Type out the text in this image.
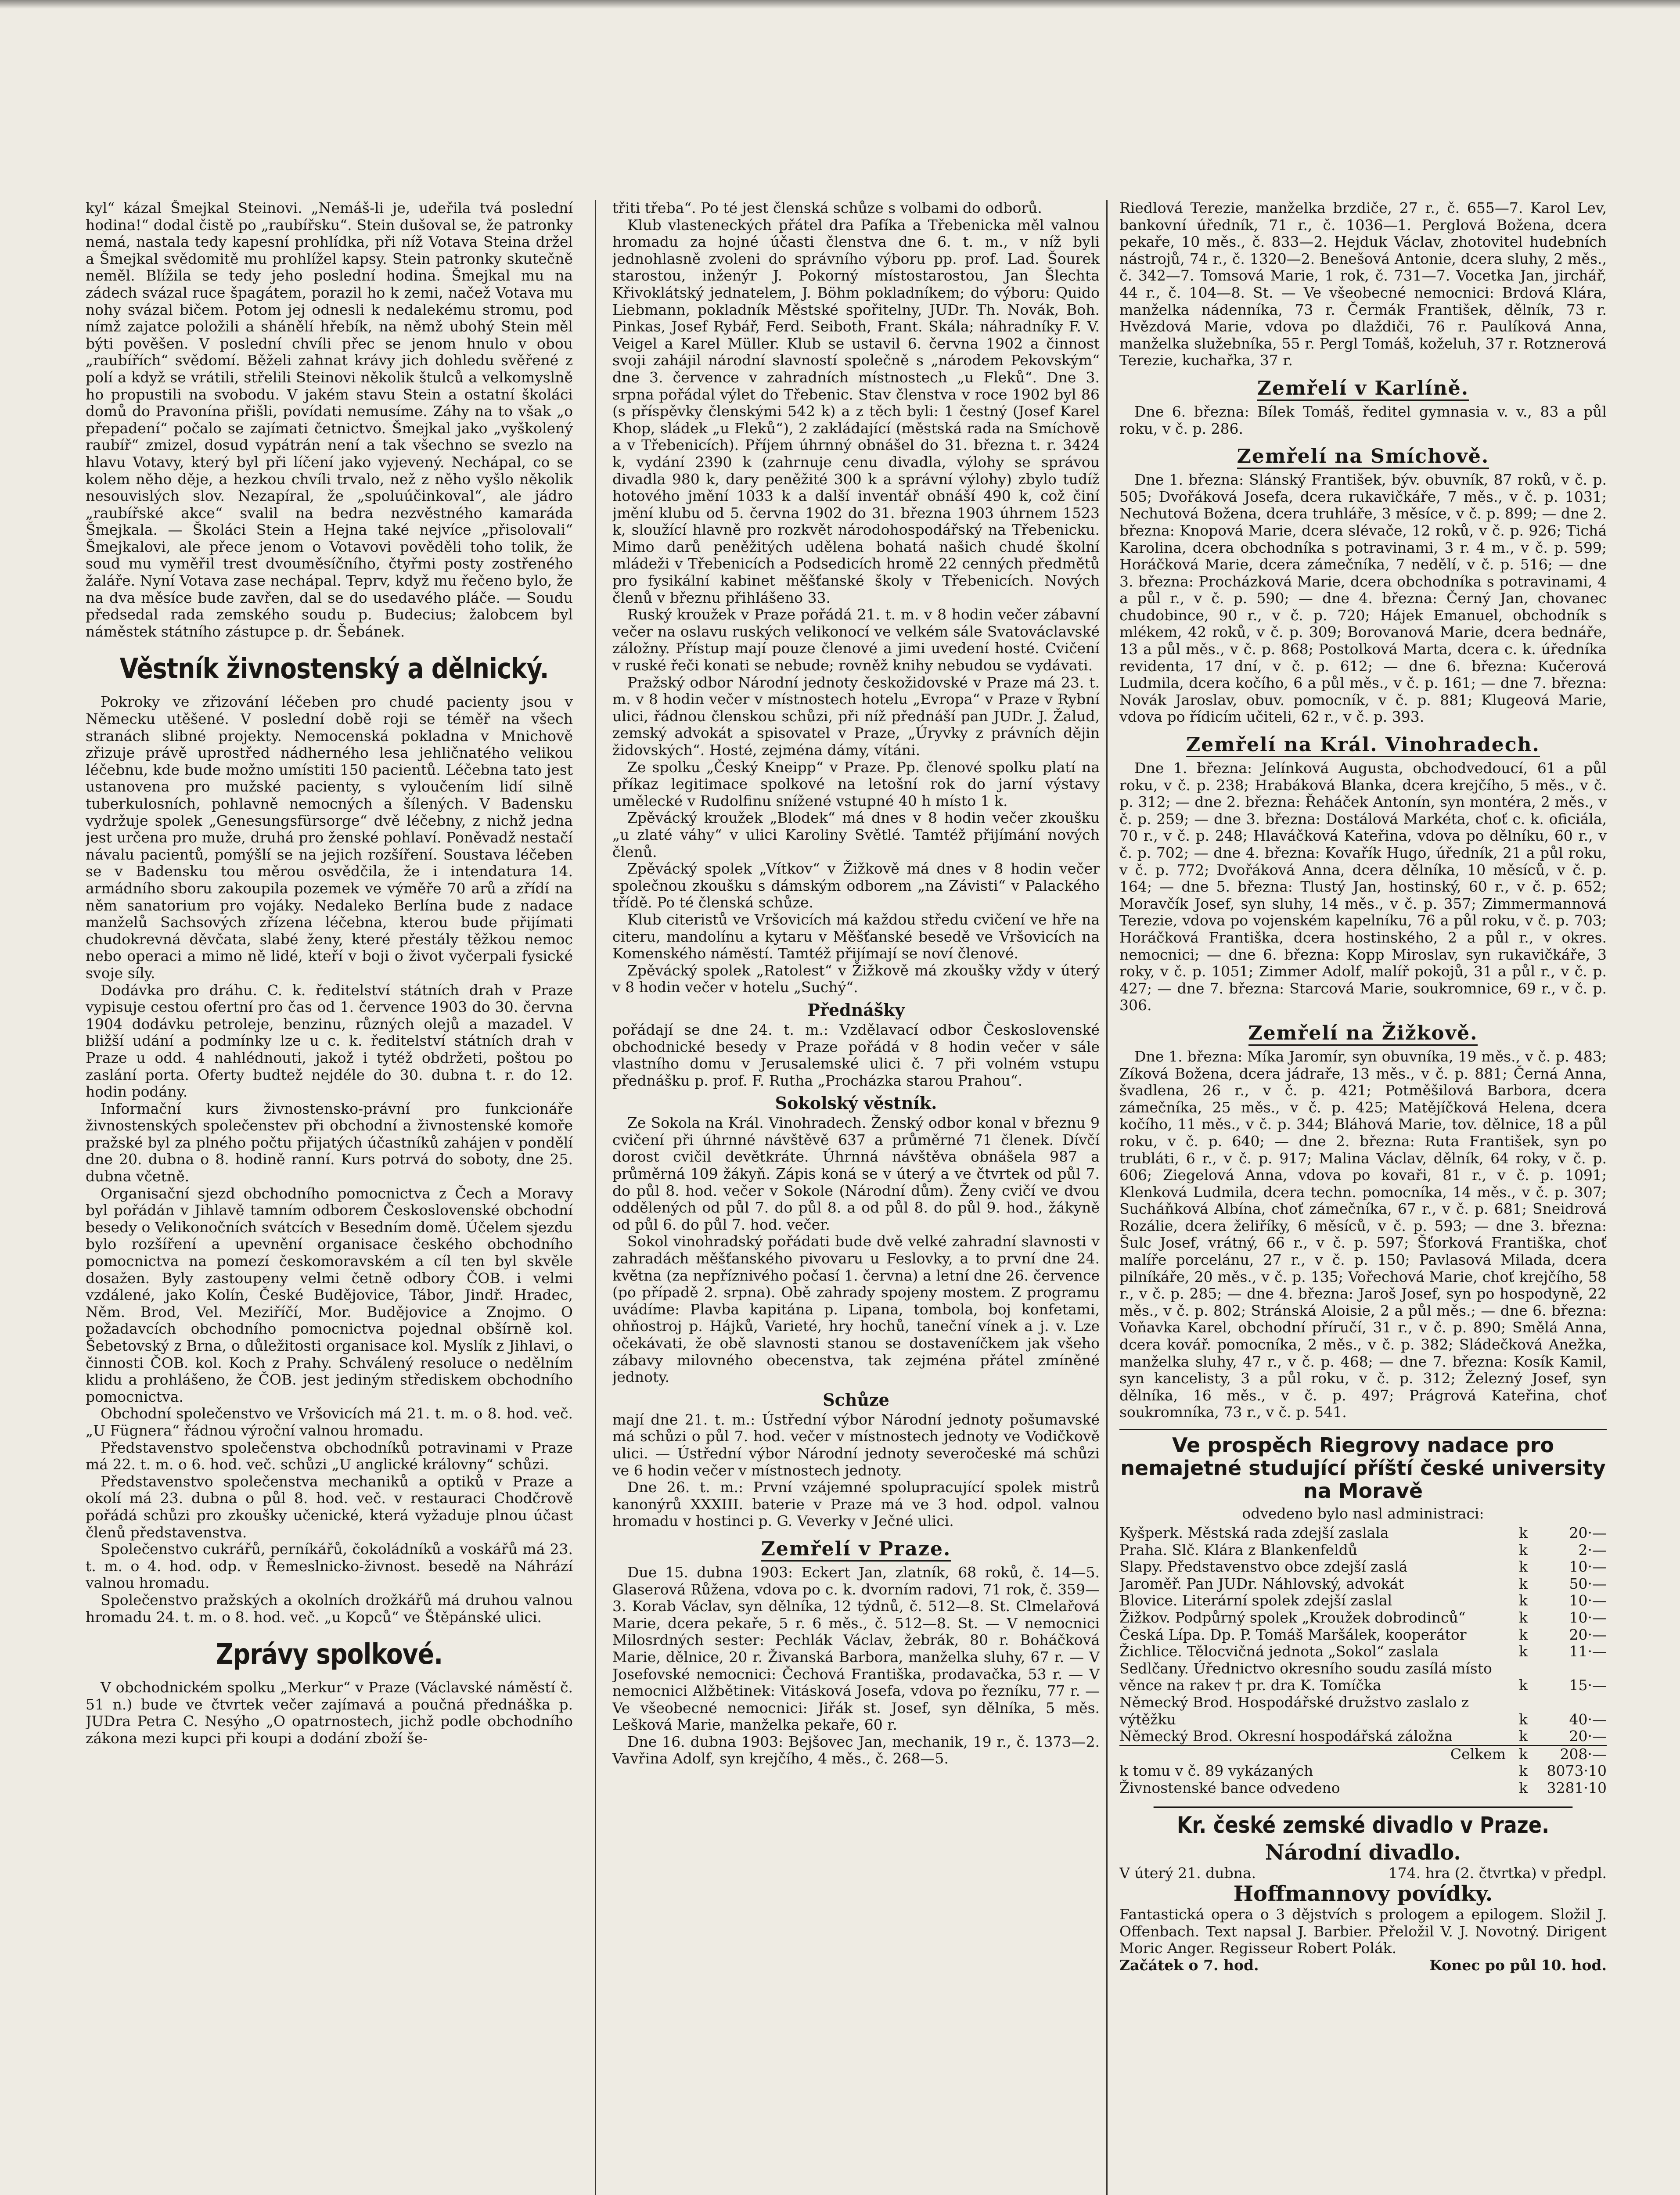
kyl“ kázal Šmejkal Steinovi. „Nemáš-li je, udeřila tvá poslední hodina!“ dodal čistě po „raubířsku“. Stein dušoval se, že patronky nemá, nastala tedy kapesní prohlídka, při níž Votava Steina držel a Šmejkal svědomitě mu prohlížel kapsy. Stein patronky skutečně neměl. Blížila se tedy jeho poslední hodina. Šmejkal mu na zádech svázal ruce špagátem, porazil ho k zemi, načež Votava mu nohy svázal bičem. Potom jej odnesli k nedalekému stromu, pod nímž zajatce položili a shánělí hřebík, na němž ubohý Stein měl býti pověšen. V poslední chvíli přec se jenom hnulo v obou „raubířích“ svědomí. Běželi zahnat krávy jich dohledu svěřené z polí a když se vrátili, střelili Steinovi několik štulců a velkomyslně ho propustili na svobodu. V jakém stavu Stein a ostatní školáci domů do Pravonína přišli, povídati nemusíme. Záhy na to však „o přepadení“ počalo se zajímati četnictvo. Šmejkal jako „vyškolený raubíř“ zmizel, dosud vypátrán není a tak všechno se svezlo na hlavu Votavy, který byl při líčení jako vyjevený. Nechápal, co se kolem něho děje, a hezkou chvíli trvalo, než z něho vyšlo několik nesouvislých slov. Nezapíral, že „spoluúčinkoval“, ale jádro „raubířské akce“ svalil na bedra nezvěstného kamaráda Šmejkala. — Školáci Stein a Hejna také nejvíce „přisolovali“ Šmejkalovi, ale přece jenom o Votavovi pověděli toho tolik, že soud mu vyměřil trest dvouměsíčního, čtyřmi posty zostřeného žaláře. Nyní Votava zase nechápal. Teprv, když mu řečeno bylo, že na dva měsíce bude zavřen, dal se do usedavého pláče. — Soudu předsedal rada zemského soudu p. Budecius; žalobcem byl náměstek státního zástupce p. dr. Šebánek.

Věstník živnostenský a dělnický.

Pokroky ve zřizování léčeben pro chudé pacienty jsou v Německu utěšené. V poslední době roji se téměř na všech stranách slibné projekty. Nemocenská pokladna v Mnichově zřizuje právě uprostřed nádherného lesa jehličnatého velikou léčebnu, kde bude možno umístiti 150 pacientů. Léčebna tato jest ustanovena pro mužské pacienty, s vyloučením lidí silně tuberkulosních, pohlavně nemocných a šílených. V Badensku vydržuje spolek „Genesungsfürsorge“ dvě léčebny, z nichž jedna jest určena pro muže, druhá pro ženské pohlaví. Poněvadž nestačí návalu pacientů, pomýšlí se na jejich rozšíření. Soustava léčeben se v Badensku tou měrou osvědčila, že i intendatura 14. armádního sboru zakoupila pozemek ve výměře 70 arů a zřídí na něm sanatorium pro vojáky. Nedaleko Berlína bude z nadace manželů Sachsových zřízena léčebna, kterou bude přijímati chudokrevná děvčata, slabé ženy, které přestály těžkou nemoc nebo operaci a mimo ně lidé, kteří v boji o život vyčerpali fysické svoje síly.

Dodávka pro dráhu. C. k. ředitelství státních drah v Praze vypisuje cestou ofertní pro čas od 1. července 1903 do 30. června 1904 dodávku petroleje, benzinu, různých olejů a mazadel. V bližší udání a podmínky lze u c. k. ředitelství státních drah v Praze u odd. 4 nahlédnouti, jakož i tytéž obdržeti, poštou po zaslání porta. Oferty budtež nejdéle do 30. dubna t. r. do 12. hodin podány.

Informační kurs živnostensko-právní pro funkcionáře živnostenských společenstev při obchodní a živnostenské komoře pražské byl za plného počtu přijatých účastníků zahájen v pondělí dne 20. dubna o 8. hodině ranní. Kurs potrvá do soboty, dne 25. dubna včetně.

Organisační sjezd obchodního pomocnictva z Čech a Moravy byl pořádán v Jihlavě tamním odborem Československé obchodní besedy o Velikonočních svátcích v Besedním domě. Účelem sjezdu bylo rozšíření a upevnění organisace českého obchodního pomocnictva na pomezí českomoravském a cíl ten byl skvěle dosažen. Byly zastoupeny velmi četně odbory ČOB. i velmi vzdálené, jako Kolín, České Budějovice, Tábor, Jindř. Hradec, Něm. Brod, Vel. Meziříčí, Mor. Budějovice a Znojmo. O požadavcích obchodního pomocnictva pojednal obšírně kol. Šebetovský z Brna, o důležitosti organisace kol. Myslík z Jihlavi, o činnosti ČOB. kol. Koch z Prahy. Schválený resoluce o nedělním klidu a prohlášeno, že ČOB. jest jediným střediskem obchodního pomocnictva.

Obchodní společenstvo ve Vršovicích má 21. t. m. o 8. hod. več. „U Fügnera“ řádnou výroční valnou hromadu.

Představenstvo společenstva obchodníků potravinami v Praze má 22. t. m. o 6. hod. več. schůzi „U anglické královny“ schůzi.

Představenstvo společenstva mechaniků a optiků v Praze a okolí má 23. dubna o půl 8. hod. več. v restauraci Chodčrově pořádá schůzi pro zkoušky učenické, která vyžaduje plnou účast členů představenstva.

Společenstvo cukrářů, perníkářů, čokoládníků a voskářů má 23. t. m. o 4. hod. odp. v Řemeslnicko-živnost. besedě na Náhrází valnou hromadu.

Společenstvo pražských a okolních drožkářů má druhou valnou hromadu 24. t. m. o 8. hod. več. „u Kopců“ ve Štěpánské ulici.

Zprávy spolkové.

V obchodnickém spolku „Merkur“ v Praze (Václavské náměstí č. 51 n.) bude ve čtvrtek večer zajímavá a poučná přednáška p. JUDra Petra C. Nesýho „O opatrnostech, jichž podle obchodního zákona mezi kupci při koupi a dodání zboží še-

třiti třeba“. Po té jest členská schůze s volbami do odborů.

Klub vlasteneckých přátel dra Pafíka a Třebenicka měl valnou hromadu za hojné účasti členstva dne 6. t. m., v níž byli jednohlasně zvoleni do správního výboru pp. prof. Lad. Šourek starostou, inženýr J. Pokorný místostarostou, Jan Šlechta Křivoklátský jednatelem, J. Böhm pokladníkem; do výboru: Quido Liebmann, pokladník Městské spořitelny, JUDr. Th. Novák, Boh. Pinkas, Josef Rybář, Ferd. Seiboth, Frant. Skála; náhradníky F. V. Veigel a Karel Müller. Klub se ustavil 6. června 1902 a činnost svoji zahájil národní slavností společně s „národem Pekovským“ dne 3. července v zahradních místnostech „u Fleků“. Dne 3. srpna pořádal výlet do Třebenic. Stav členstva v roce 1902 byl 86 (s příspěvky členskými 542 k) a z těch byli: 1 čestný (Josef Karel Khop, sládek „u Fleků“), 2 zakládající (městská rada na Smíchově a v Třebenicích). Příjem úhrnný obnášel do 31. března t. r. 3424 k, vydání 2390 k (zahrnuje cenu divadla, výlohy se správou divadla 980 k, dary peněžité 300 k a správní výlohy) zbylo tudíž hotového jmění 1033 k a další inventář obnáší 490 k, což činí jmění klubu od 5. června 1902 do 31. března 1903 úhrnem 1523 k, sloužící hlavně pro rozkvět národohospodářský na Třebenicku. Mimo darů peněžitých udělena bohatá našich chudé školní mládeži v Třebenicích a Podsedicích hromě 22 cenných předmětů pro fysikální kabinet měšťanské školy v Třebenicích. Nových členů v březnu přihlášeno 33.

Ruský kroužek v Praze pořádá 21. t. m. v 8 hodin večer zábavní večer na oslavu ruských velikonocí ve velkém sále Svatováclavské záložny. Přístup mají pouze členové a jimi uvedení hosté. Cvičení v ruské řeči konati se nebude; rovněž knihy nebudou se vydávati.

Pražský odbor Národní jednoty českožidovské v Praze má 23. t. m. v 8 hodin večer v místnostech hotelu „Evropa“ v Praze v Rybní ulici, řádnou členskou schůzi, při níž přednáší pan JUDr. J. Žalud, zemský advokát a spisovatel v Praze, „Úryvky z právních dějin židovských“. Hosté, zejména dámy, vítáni.

Ze spolku „Český Kneipp“ v Praze. Pp. členové spolku platí na příkaz legitimace spolkové na letošní rok do jarní výstavy umělecké v Rudolfinu snížené vstupné 40 h místo 1 k.

Zpěvácký kroužek „Blodek“ má dnes v 8 hodin večer zkoušku „u zlaté váhy“ v ulici Karoliny Světlé. Tamtéž přijímání nových členů.

Zpěvácký spolek „Vítkov“ v Žižkově má dnes v 8 hodin večer společnou zkoušku s dámským odborem „na Závisti“ v Palackého třídě. Po té členská schůze.

Klub citeristů ve Vršovicích má každou středu cvičení ve hře na citeru, mandolínu a kytaru v Měšťanské besedě ve Vršovicích na Komenského náměstí. Tamtéž přijímají se noví členové.

Zpěvácký spolek „Ratolest“ v Žižkově má zkoušky vždy v úterý v 8 hodin večer v hotelu „Suchý“.

Přednášky

pořádají se dne 24. t. m.: Vzdělavací odbor Československé obchodnické besedy v Praze pořádá v 8 hodin večer v sále vlastního domu v Jerusalemské ulici č. 7 při volném vstupu přednášku p. prof. F. Rutha „Procházka starou Prahou“.

Sokolský věstník.

Ze Sokola na Král. Vinohradech. Ženský odbor konal v březnu 9 cvičení při úhrnné návštěvě 637 a průměrné 71 členek. Dívčí dorost cvičil devětkráte. Úhrnná návštěva obnášela 987 a průměrná 109 žákyň. Zápis koná se v úterý a ve čtvrtek od půl 7. do půl 8. hod. večer v Sokole (Národní dům). Ženy cvičí ve dvou oddělených od půl 7. do půl 8. a od půl 8. do půl 9. hod., žákyně od půl 6. do půl 7. hod. večer.

Sokol vinohradský pořádati bude dvě velké zahradní slavnosti v zahradách měšťanského pivovaru u Feslovky, a to první dne 24. května (za nepříznivého počasí 1. června) a letní dne 26. července (po případě 2. srpna). Obě zahrady spojeny mostem. Z programu uvádíme: Plavba kapitána p. Lipana, tombola, boj konfetami, ohňostroj p. Hájků, Varieté, hry hochů, taneční vínek a j. v. Lze očekávati, že obě slavnosti stanou se dostaveníčkem jak všeho zábavy milovného obecenstva, tak zejména přátel zmíněné jednoty.

Schůze

mají dne 21. t. m.: Ústřední výbor Národní jednoty pošumavské má schůzi o půl 7. hod. večer v místnostech jednoty ve Vodičkově ulici. — Ústřední výbor Národní jednoty severočeské má schůzi ve 6 hodin večer v místnostech jednoty.

Dne 26. t. m.: První vzájemné spolupracující spolek mistrů kanonýrů XXXIII. baterie v Praze má ve 3 hod. odpol. valnou hromadu v hostinci p. G. Veverky v Ječné ulici.

Zemřelí v Praze.

Due 15. dubna 1903: Eckert Jan, zlatník, 68 roků, č. 14—5. Glaserová Růžena, vdova po c. k. dvorním radovi, 71 rok, č. 359—3. Korab Václav, syn dělníka, 12 týdnů, č. 512—8. St. Clmelařová Marie, dcera pekaře, 5 r. 6 měs., č. 512—8. St. — V nemocnici Milosrdných sester: Pechlák Václav, žebrák, 80 r. Boháčková Marie, dělnice, 20 r. Živanská Barbora, manželka sluhy, 67 r. — V Josefovské nemocnici: Čechová Františka, prodavačka, 53 r. — V nemocnici Alžbětinek: Vitásková Josefa, vdova po řezníku, 77 r. — Ve všeobecné nemocnici: Jiřák st. Josef, syn dělníka, 5 měs. Lešková Marie, manželka pekaře, 60 r.

Dne 16. dubna 1903: Bejšovec Jan, mechanik, 19 r., č. 1373—2. Vavřina Adolf, syn krejčího, 4 měs., č. 268—5.

Riedlová Terezie, manželka brzdiče, 27 r., č. 655—7. Karol Lev, bankovní úředník, 71 r., č. 1036—1. Perglová Božena, dcera pekaře, 10 měs., č. 833—2. Hejduk Václav, zhotovitel hudebních nástrojů, 74 r., č. 1320—2. Benešová Antonie, dcera sluhy, 2 měs., č. 342—7. Tomsová Marie, 1 rok, č. 731—7. Vocetka Jan, jirchář, 44 r., č. 104—8. St. — Ve všeobecné nemocnici: Brdová Klára, manželka nádenníka, 73 r. Čermák František, dělník, 73 r. Hvězdová Marie, vdova po dlaždiči, 76 r. Paulíková Anna, manželka služebníka, 55 r. Pergl Tomáš, koželuh, 37 r. Rotznerová Terezie, kuchařka, 37 r.

Zemřelí v Karlíně.

Dne 6. března: Bílek Tomáš, ředitel gymnasia v. v., 83 a půl roku, v č. p. 286.

Zemřelí na Smíchově.

Dne 1. března: Slánský František, býv. obuvník, 87 roků, v č. p. 505; Dvořáková Josefa, dcera rukavičkáře, 7 měs., v č. p. 1031; Nechutová Božena, dcera truhláře, 3 měsíce, v č. p. 899; — dne 2. března: Knopová Marie, dcera slévače, 12 roků, v č. p. 926; Tichá Karolina, dcera obchodníka s potravinami, 3 r. 4 m., v č. p. 599; Horáčková Marie, dcera zámečníka, 7 nedělí, v č. p. 516; — dne 3. března: Procházková Marie, dcera obchodníka s potravinami, 4 a půl r., v č. p. 590; — dne 4. března: Černý Jan, chovanec chudobince, 90 r., v č. p. 720; Hájek Emanuel, obchodník s mlékem, 42 roků, v č. p. 309; Borovanová Marie, dcera bednáře, 13 a půl měs., v č. p. 868; Postolková Marta, dcera c. k. úředníka revidenta, 17 dní, v č. p. 612; — dne 6. března: Kučerová Ludmila, dcera kočího, 6 a půl měs., v č. p. 161; — dne 7. března: Novák Jaroslav, obuv. pomocník, v č. p. 881; Klugeová Marie, vdova po řídicím učiteli, 62 r., v č. p. 393.

Zemřelí na Král. Vinohradech.

Dne 1. března: Jelínková Augusta, obchodvedoucí, 61 a půl roku, v č. p. 238; Hrabáková Blanka, dcera krejčího, 5 měs., v č. p. 312; — dne 2. března: Řeháček Antonín, syn montéra, 2 měs., v č. p. 259; — dne 3. března: Dostálová Markéta, choť c. k. oficiála, 70 r., v č. p. 248; Hlaváčková Kateřina, vdova po dělníku, 60 r., v č. p. 702; — dne 4. března: Kovařík Hugo, úředník, 21 a půl roku, v č. p. 772; Dvořáková Anna, dcera dělníka, 10 měsíců, v č. p. 164; — dne 5. března: Tlustý Jan, hostinský, 60 r., v č. p. 652; Moravčík Josef, syn sluhy, 14 měs., v č. p. 357; Zimmermannová Terezie, vdova po vojenském kapelníku, 76 a půl roku, v č. p. 703; Horáčková Františka, dcera hostinského, 2 a půl r., v okres. nemocnici; — dne 6. března: Kopp Miroslav, syn rukavičkáře, 3 roky, v č. p. 1051; Zimmer Adolf, malíř pokojů, 31 a půl r., v č. p. 427; — dne 7. března: Starcová Marie, soukromnice, 69 r., v č. p. 306.

Zemřelí na Žižkově.

Dne 1. března: Míka Jaromír, syn obuvníka, 19 měs., v č. p. 483; Zíková Božena, dcera jádraře, 13 měs., v č. p. 881; Černá Anna, švadlena, 26 r., v č. p. 421; Potměšilová Barbora, dcera zámečníka, 25 měs., v č. p. 425; Matějíčková Helena, dcera kočího, 11 měs., v č. p. 344; Bláhová Marie, tov. dělnice, 18 a půl roku, v č. p. 640; — dne 2. března: Ruta František, syn po trubláti, 6 r., v č. p. 917; Malina Václav, dělník, 64 roky, v č. p. 606; Ziegelová Anna, vdova po kovaři, 81 r., v č. p. 1091; Klenková Ludmila, dcera techn. pomocníka, 14 měs., v č. p. 307; Sucháňková Albína, choť zámečníka, 67 r., v č. p. 681; Sneidrová Rozálie, dcera želiříky, 6 měsíců, v č. p. 593; — dne 3. března: Šulc Josef, vrátný, 66 r., v č. p. 597; Šťorková Františka, choť malíře porcelánu, 27 r., v č. p. 150; Pavlasová Milada, dcera pilníkáře, 20 měs., v č. p. 135; Vořechová Marie, choť krejčího, 58 r., v č. p. 285; — dne 4. března: Jaroš Josef, syn po hospodyně, 22 měs., v č. p. 802; Stránská Aloisie, 2 a půl měs.; — dne 6. března: Voňavka Karel, obchodní příručí, 31 r., v č. p. 890; Smělá Anna, dcera kovář. pomocníka, 2 měs., v č. p. 382; Sládečková Anežka, manželka sluhy, 47 r., v č. p. 468; — dne 7. března: Kosík Kamil, syn kancelisty, 3 a půl roku, v č. p. 312; Železný Josef, syn dělníka, 16 měs., v č. p. 497; Prágrová Kateřina, choť soukromníka, 73 r., v č. p. 541.

Ve prospěch Riegrovy nadace pro nemajetné studující příští české university na Moravě
odvedeno bylo nasl administraci:
Kyšperk. Městská rada zdejší zaslala	k	20·—
Praha. Slč. Klára z Blankenfeldů	k	2·—
Slapy. Představenstvo obce zdejší zaslá	k	10·—
Jaroměř. Pan JUDr. Náhlovský, advokát	k	50·—
Blovice. Literární spolek zdejší zaslal	k	10·—
Žižkov. Podpůrný spolek „Kroužek dobrodinců“	k	10·—
Česká Lípa. Dp. P. Tomáš Maršálek, kooperátor	k	20·—
Žichlice. Tělocvičná jednota „Sokol“ zaslala	k	11·—
Sedlčany. Úřednictvo okresního soudu zasílá místo věnce na rakev † pr. dra K. Tomíčka	k	15·—
Německý Brod. Hospodářské družstvo zaslalo z výtěžku	k	40·—
Německý Brod. Okresní hospodářská záložna	k	20·—
Celkem	k	208·—
k tomu v č. 89 vykázaných	k	8073·10
Živnostenské bance odvedeno	k	3281·10
Kr. české zemské divadlo v Praze.
Národní divadlo.
V úterý 21. dubna.	174. hra (2. čtvrtka) v předpl.
Hoffmannovy povídky.

Fantastická opera o 3 dějstvích s prologem a epilogem. Složil J. Offenbach. Text napsal J. Barbier. Přeložil V. J. Novotný. Dirigent Moric Anger. Regisseur Robert Polák.

Začátek o 7. hod.	Konec po půl 10. hod.
